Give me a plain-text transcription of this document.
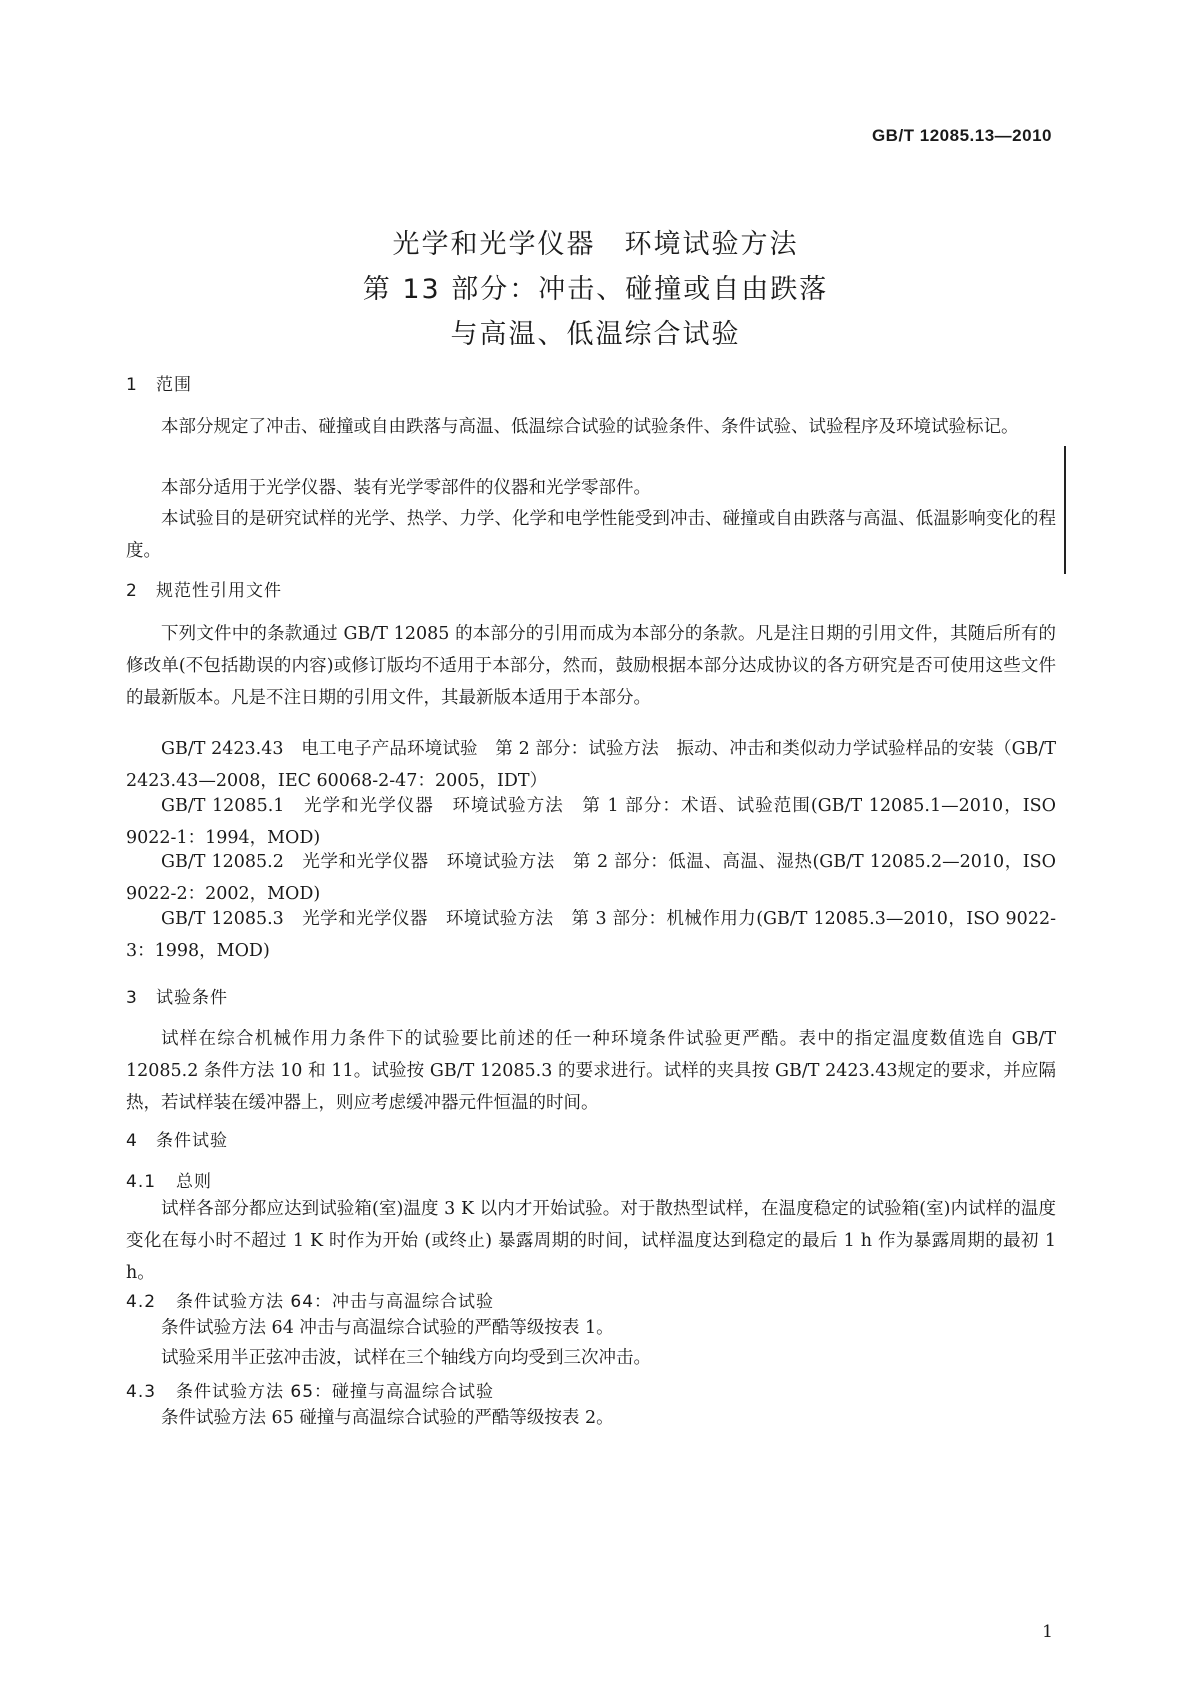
GB/T 12085.13—2010
光学和光学仪器　环境试验方法
第 13 部分：冲击、碰撞或自由跌落
与高温、低温综合试验
1 范围
本部分规定了冲击、碰撞或自由跌落与高温、低温综合试验的试验条件、条件试验、试验程序及环境试验标记。
本部分适用于光学仪器、装有光学零部件的仪器和光学零部件。
本试验目的是研究试样的光学、热学、力学、化学和电学性能受到冲击、碰撞或自由跌落与高温、低温影响变化的程度。
2 规范性引用文件
下列文件中的条款通过 GB/T 12085 的本部分的引用而成为本部分的条款。凡是注日期的引用文件，其随后所有的修改单(不包括勘误的内容)或修订版均不适用于本部分，然而，鼓励根据本部分达成协议的各方研究是否可使用这些文件的最新版本。凡是不注日期的引用文件，其最新版本适用于本部分。
GB/T 2423.43　电工电子产品环境试验　第 2 部分：试验方法　振动、冲击和类似动力学试验样品的安装（GB/T 2423.43—2008，IEC 60068-2-47：2005，IDT）
GB/T 12085.1　光学和光学仪器　环境试验方法　第 1 部分：术语、试验范围(GB/T 12085.1—2010，ISO 9022-1：1994，MOD)
GB/T 12085.2　光学和光学仪器　环境试验方法　第 2 部分：低温、高温、湿热(GB/T 12085.2—2010，ISO 9022-2：2002，MOD)
GB/T 12085.3　光学和光学仪器　环境试验方法　第 3 部分：机械作用力(GB/T 12085.3—2010，ISO 9022-3：1998，MOD)
3 试验条件
试样在综合机械作用力条件下的试验要比前述的任一种环境条件试验更严酷。表中的指定温度数值选自 GB/T 12085.2 条件方法 10 和 11。试验按 GB/T 12085.3 的要求进行。试样的夹具按 GB/T 2423.43规定的要求，并应隔热，若试样装在缓冲器上，则应考虑缓冲器元件恒温的时间。
4 条件试验
4.1 总则
试样各部分都应达到试验箱(室)温度 3 K 以内才开始试验。对于散热型试样，在温度稳定的试验箱(室)内试样的温度变化在每小时不超过 1 K 时作为开始 (或终止) 暴露周期的时间，试样温度达到稳定的最后 1 h 作为暴露周期的最初 1 h。
4.2 条件试验方法 64：冲击与高温综合试验
条件试验方法 64 冲击与高温综合试验的严酷等级按表 1。
试验采用半正弦冲击波，试样在三个轴线方向均受到三次冲击。
4.3 条件试验方法 65：碰撞与高温综合试验
条件试验方法 65 碰撞与高温综合试验的严酷等级按表 2。
1
